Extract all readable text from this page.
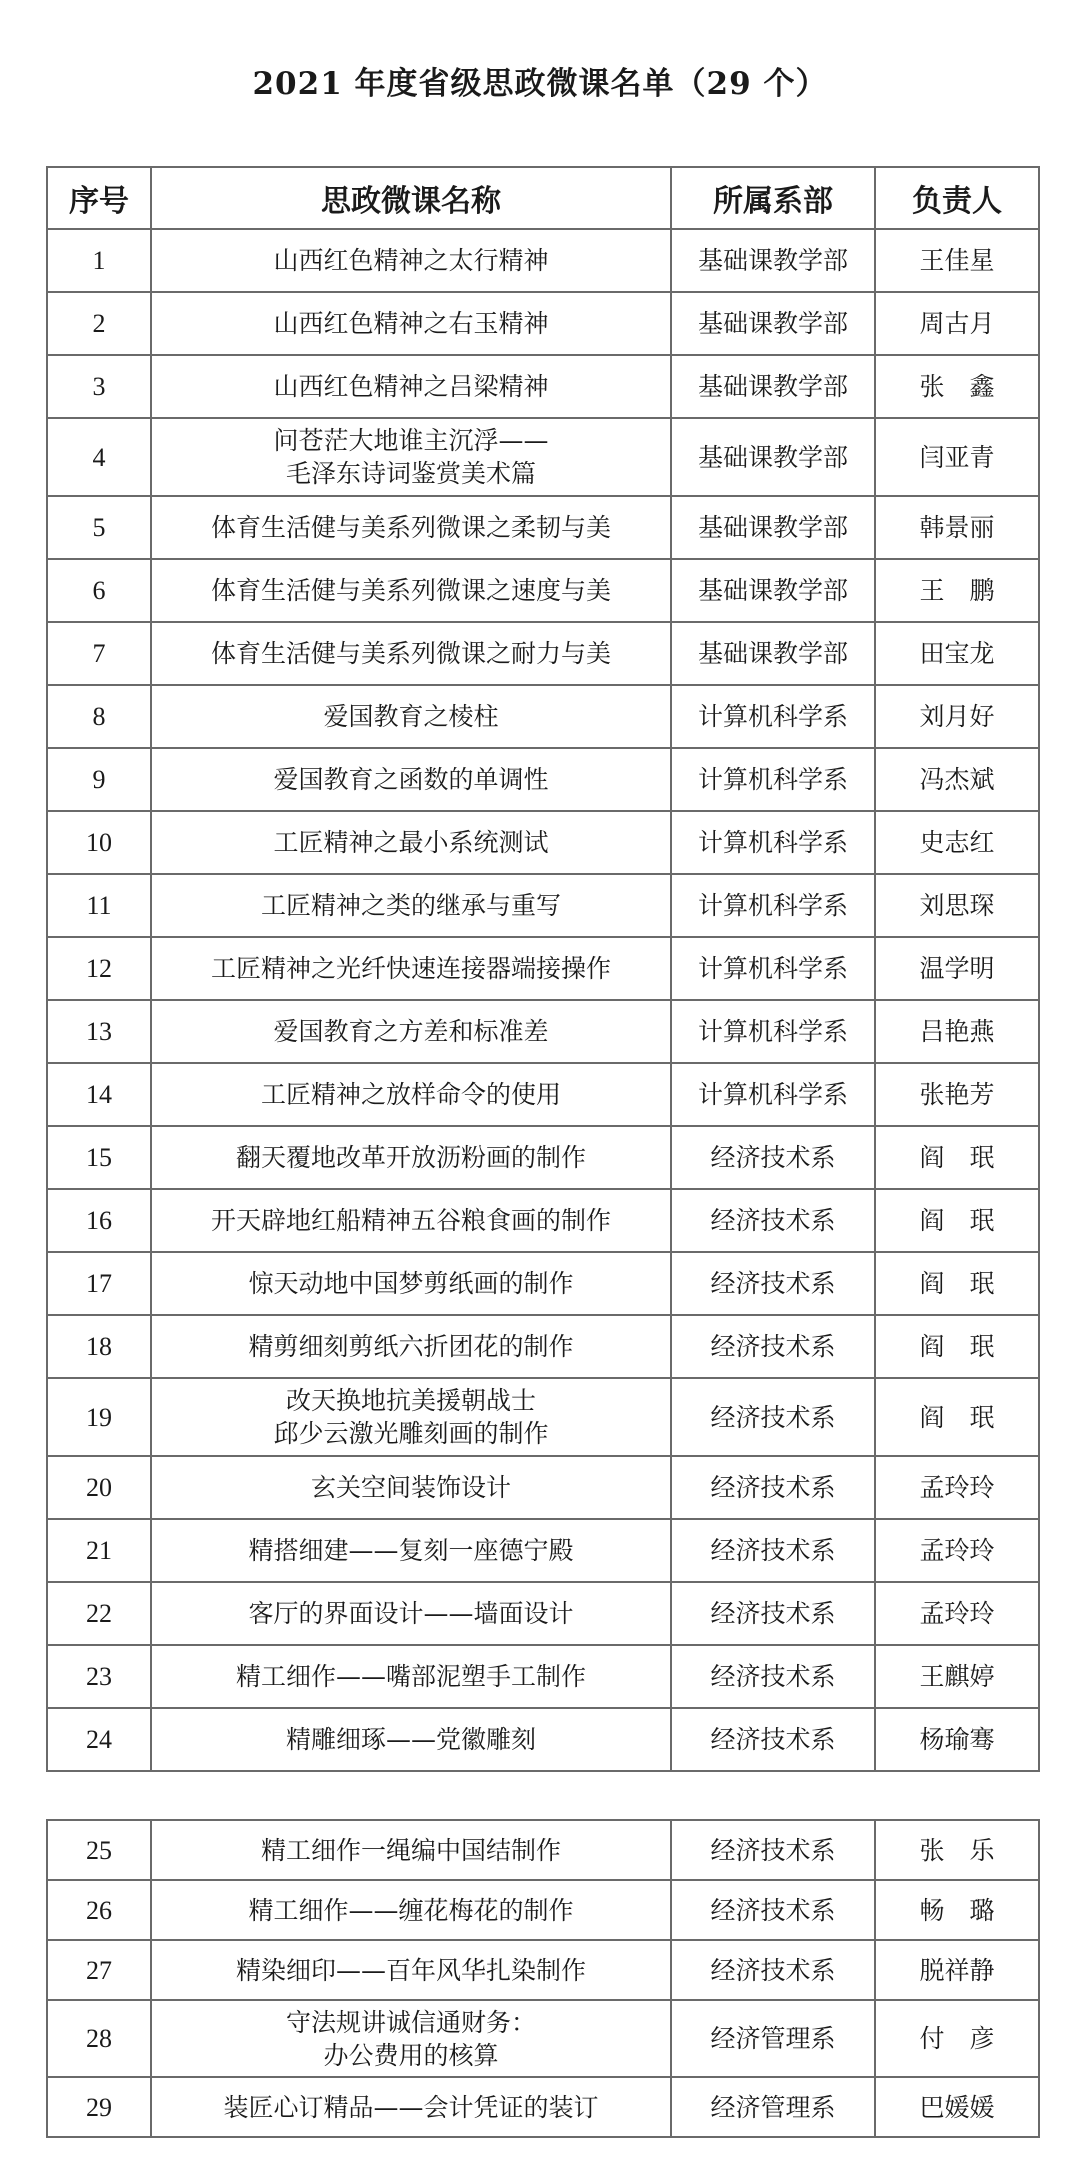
2021 年度省级思政微课名单（29 个）
序号	思政微课名称	所属系部	负责人
1	山西红色精神之太行精神	基础课教学部	王佳星
2	山西红色精神之右玉精神	基础课教学部	周古月
3	山西红色精神之吕梁精神	基础课教学部	张　鑫
4	问苍茫大地谁主沉浮——
毛泽东诗词鉴赏美术篇	基础课教学部	闫亚青
5	体育生活健与美系列微课之柔韧与美	基础课教学部	韩景丽
6	体育生活健与美系列微课之速度与美	基础课教学部	王　鹏
7	体育生活健与美系列微课之耐力与美	基础课教学部	田宝龙
8	爱国教育之棱柱	计算机科学系	刘月好
9	爱国教育之函数的单调性	计算机科学系	冯杰斌
10	工匠精神之最小系统测试	计算机科学系	史志红
11	工匠精神之类的继承与重写	计算机科学系	刘思琛
12	工匠精神之光纤快速连接器端接操作	计算机科学系	温学明
13	爱国教育之方差和标准差	计算机科学系	吕艳燕
14	工匠精神之放样命令的使用	计算机科学系	张艳芳
15	翻天覆地改革开放沥粉画的制作	经济技术系	阎　珉
16	开天辟地红船精神五谷粮食画的制作	经济技术系	阎　珉
17	惊天动地中国梦剪纸画的制作	经济技术系	阎　珉
18	精剪细刻剪纸六折团花的制作	经济技术系	阎　珉
19	改天换地抗美援朝战士
邱少云激光雕刻画的制作	经济技术系	阎　珉
20	玄关空间装饰设计	经济技术系	孟玲玲
21	精搭细建——复刻一座德宁殿	经济技术系	孟玲玲
22	客厅的界面设计——墙面设计	经济技术系	孟玲玲
23	精工细作——嘴部泥塑手工制作	经济技术系	王麒婷
24	精雕细琢——党徽雕刻	经济技术系	杨瑜骞
25	精工细作一绳编中国结制作	经济技术系	张　乐
26	精工细作——缠花梅花的制作	经济技术系	畅　璐
27	精染细印——百年风华扎染制作	经济技术系	脱祥静
28	守法规讲诚信通财务：
办公费用的核算	经济管理系	付　彦
29	装匠心订精品——会计凭证的装订	经济管理系	巴媛媛
